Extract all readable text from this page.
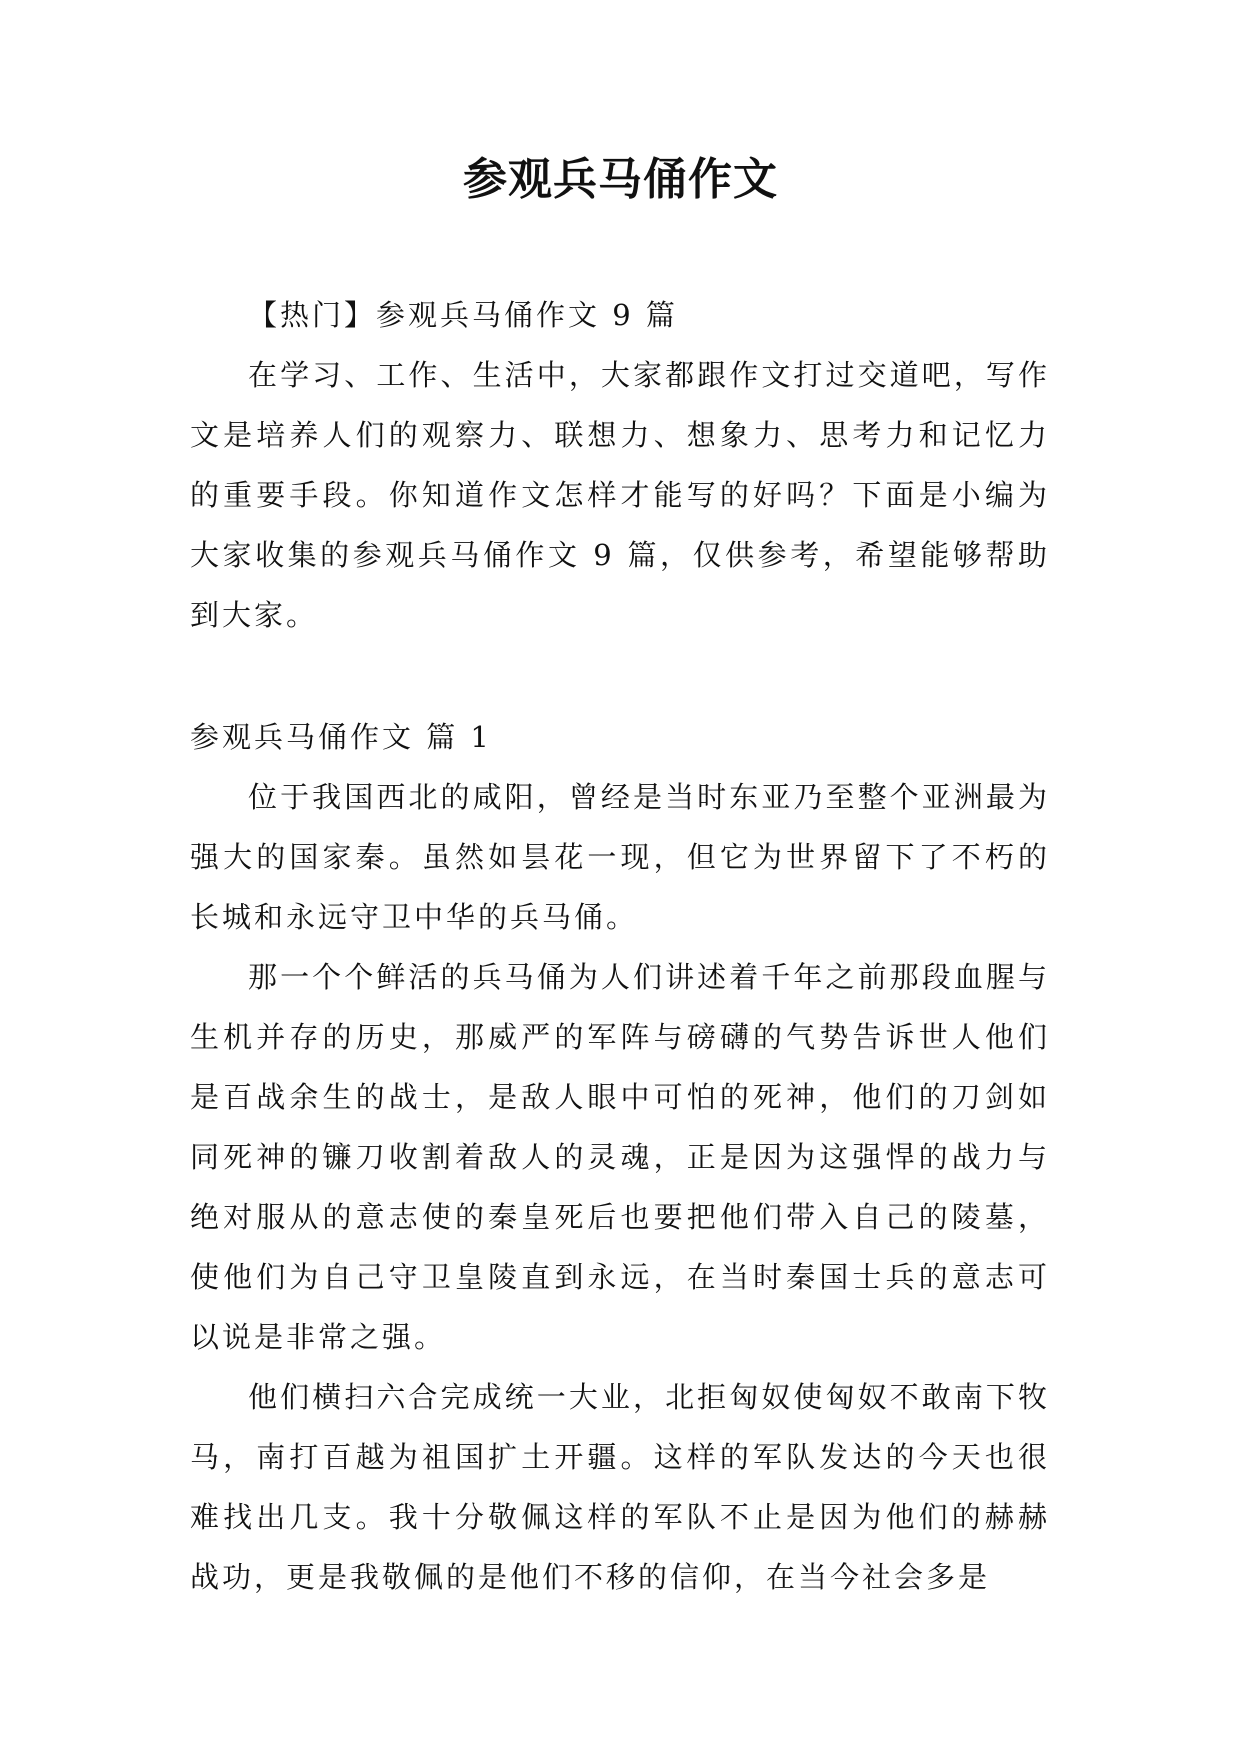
参观兵马俑作文

【热门】参观兵马俑作文 9 篇

在学习、工作、生活中，大家都跟作文打过交道吧，写作文是培养人们的观察力、联想力、想象力、思考力和记忆力的重要手段。你知道作文怎样才能写的好吗？下面是小编为大家收集的参观兵马俑作文 9 篇，仅供参考，希望能够帮助到大家。

参观兵马俑作文 篇 1

位于我国西北的咸阳，曾经是当时东亚乃至整个亚洲最为强大的国家秦。虽然如昙花一现，但它为世界留下了不朽的长城和永远守卫中华的兵马俑。

那一个个鲜活的兵马俑为人们讲述着千年之前那段血腥与生机并存的历史，那威严的军阵与磅礴的气势告诉世人他们是百战余生的战士，是敌人眼中可怕的死神，他们的刀剑如同死神的镰刀收割着敌人的灵魂，正是因为这强悍的战力与绝对服从的意志使的秦皇死后也要把他们带入自己的陵墓，使他们为自己守卫皇陵直到永远，在当时秦国士兵的意志可以说是非常之强。

他们横扫六合完成统一大业，北拒匈奴使匈奴不敢南下牧马，南打百越为祖国扩土开疆。这样的军队发达的今天也很难找出几支。我十分敬佩这样的军队不止是因为他们的赫赫战功，更是我敬佩的是他们不移的信仰，在当今社会多是
